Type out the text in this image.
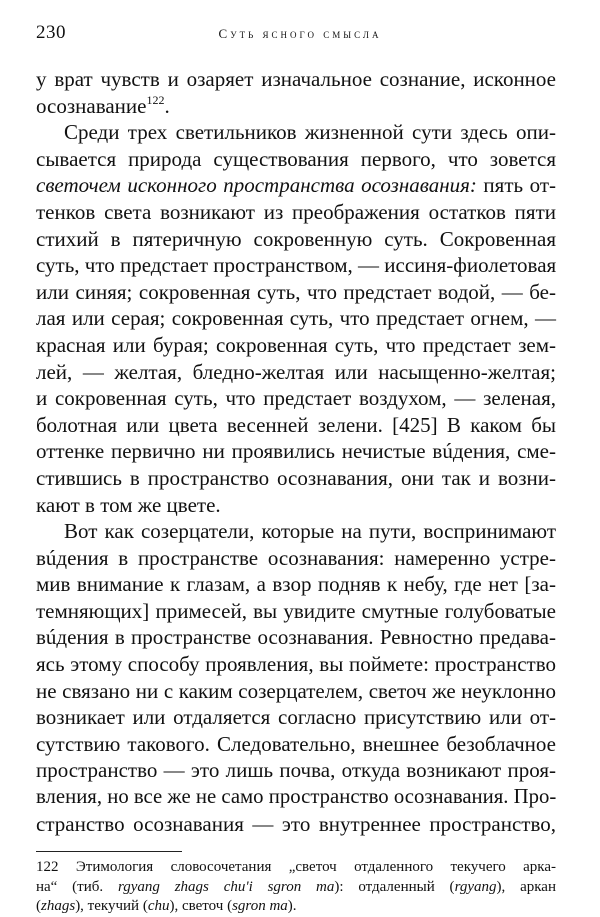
230	Суть ясного смысла
у врат чувств и озаряет изначальное сознание, исконное
осознавание$^{122}$.
Среди трех светильников жизненной сути здесь опи-
сывается природа существования первого, что зовется
светочем исконного пространства осознавания: пять от-
тенков света возникают из преображения остатков пяти
стихий в пятеричную сокровенную суть. Сокровенная
суть, что предстает пространством, — иссиня-фиолетовая
или синяя; сокровенная суть, что предстает водой, — бе-
лая или серая; сокровенная суть, что предстает огнем, —
красная или бурая; сокровенная суть, что предстает зем-
лей, — желтая, бледно-желтая или насыщенно-желтая;
и сокровенная суть, что предстает воздухом, — зеленая,
болотная или цвета весенней зелени. [425] В каком бы
оттенке первично ни проявились нечистые вúдения, сме-
стившись в пространство осознавания, они так и возни-
кают в том же цвете.
Вот как созерцатели, которые на пути, воспринимают
вúдения в пространстве осознавания: намеренно устре-
мив внимание к глазам, а взор подняв к небу, где нет [за-
темняющих] примесей, вы увидите смутные голубоватые
вúдения в пространстве осознавания. Ревностно предава-
ясь этому способу проявления, вы поймете: пространство
не связано ни с каким созерцателем, светоч же неуклонно
возникает или отдаляется согласно присутствию или от-
сутствию такового. Следовательно, внешнее безоблачное
пространство — это лишь почва, откуда возникают проя-
вления, но все же не само пространство осознавания. Про-
странство осознавания — это внутреннее пространство,
122 Этимология словосочетания „светоч отдаленного текучего арка-
на“ (тиб. rgyang zhags chu'i sgron ma): отдаленный (rgyang), аркан
(zhags), текучий (chu), светоч (sgron ma).
